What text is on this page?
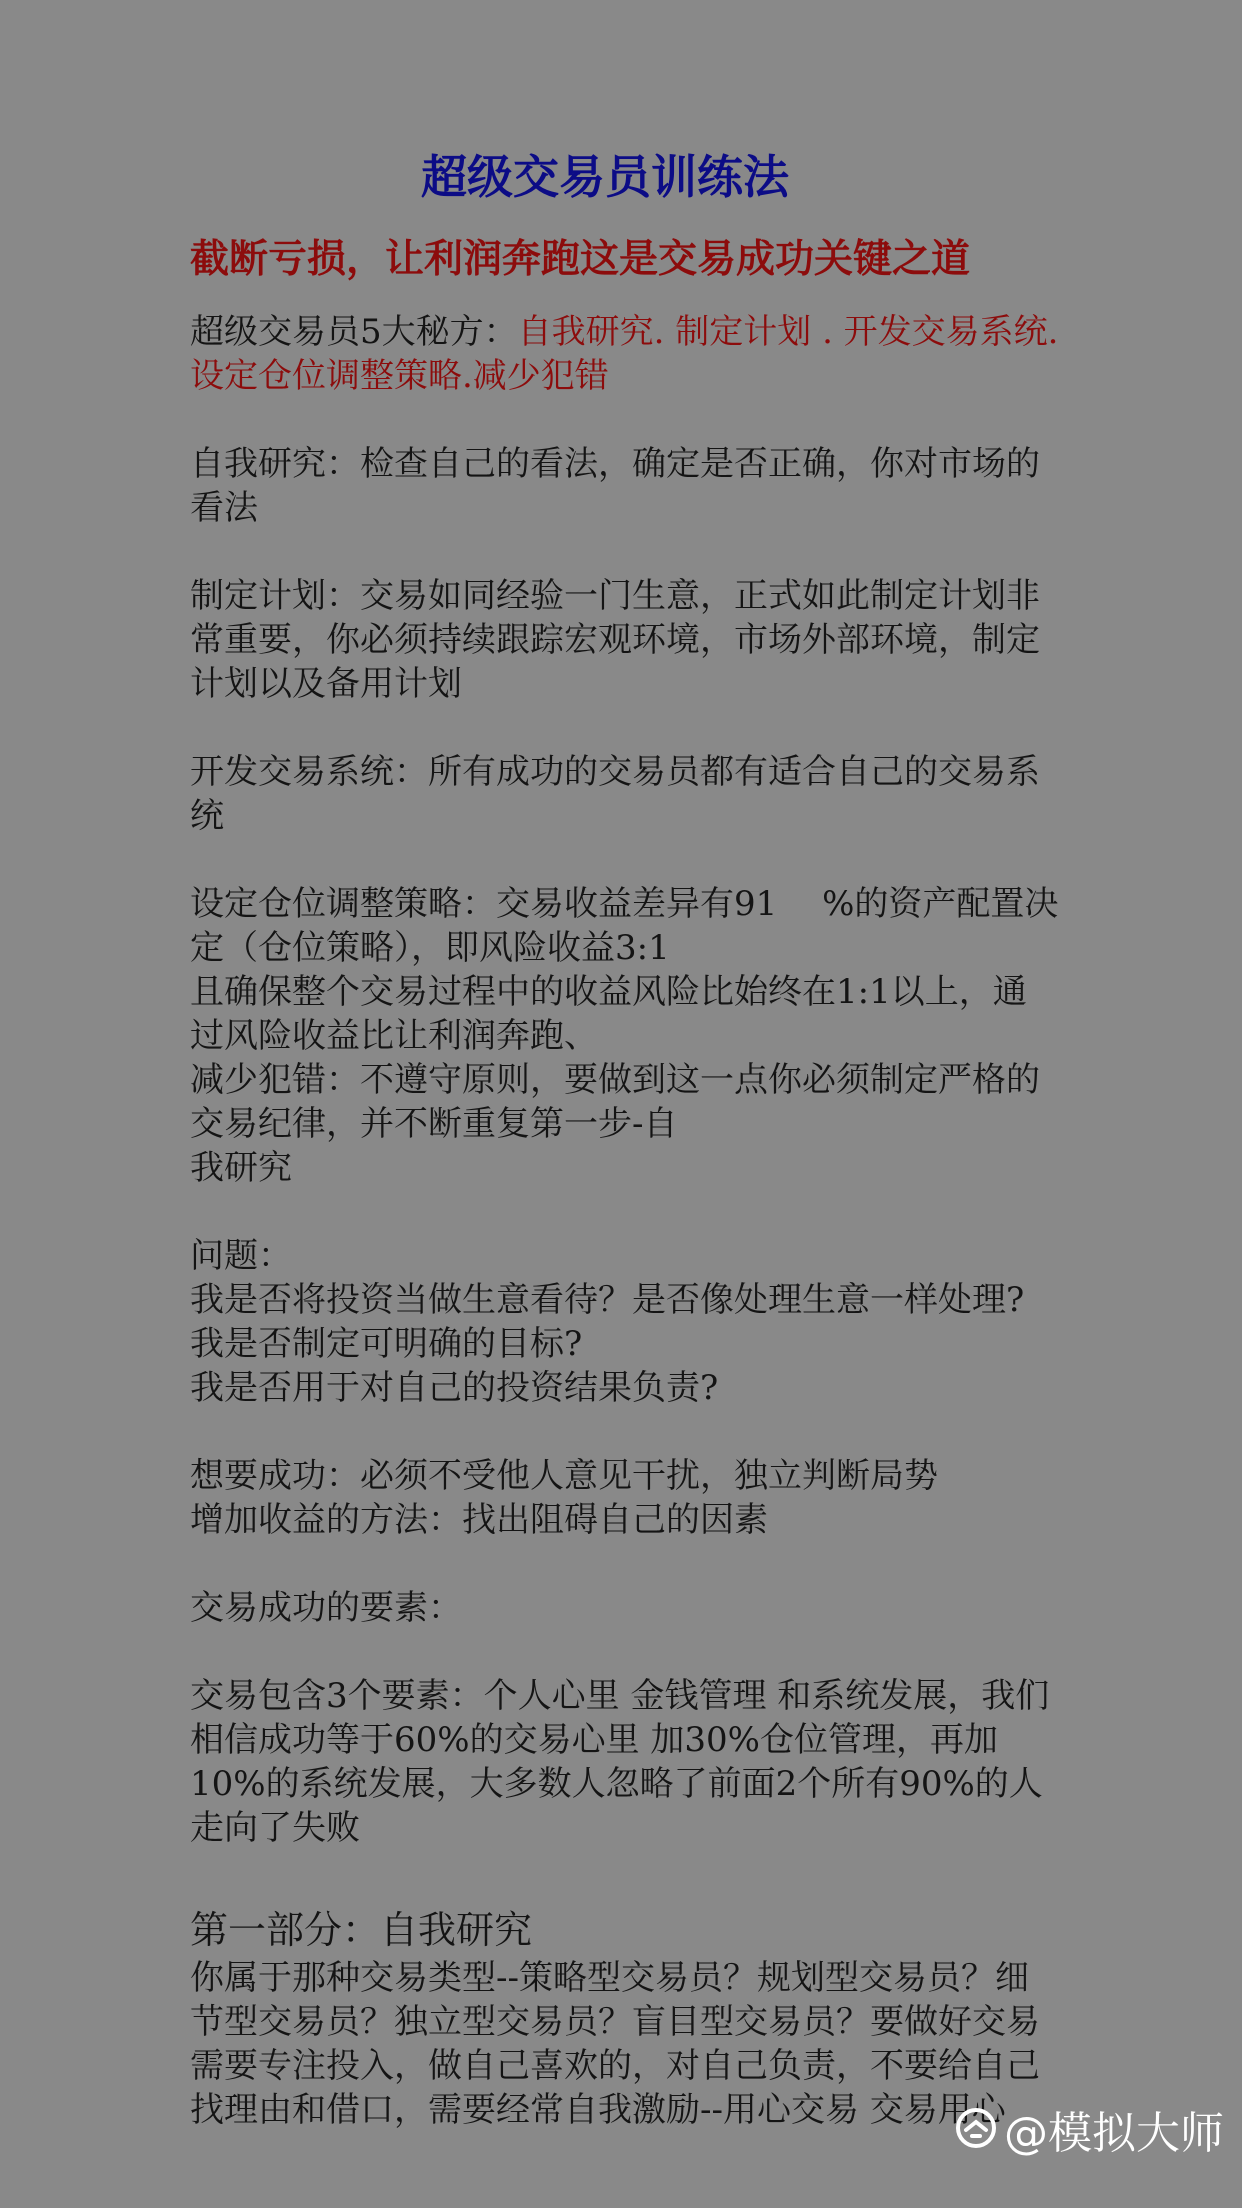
超级交易员训练法
截断亏损，让利润奔跑这是交易成功关键之道

超级交易员5大秘方：自我研究. 制定计划 . 开发交易系统. 设定仓位调整策略.减少犯错

自我研究：检查自己的看法，确定是否正确，你对市场的看法

制定计划：交易如同经验一门生意，正式如此制定计划非常重要，你必须持续跟踪宏观环境，市场外部环境，制定计划以及备用计划

开发交易系统：所有成功的交易员都有适合自己的交易系统

设定仓位调整策略：交易收益差异有91　 %的资产配置决定（仓位策略），即风险收益3:1

且确保整个交易过程中的收益风险比始终在1:1以上，通过风险收益比让利润奔跑、

减少犯错：不遵守原则，要做到这一点你必须制定严格的交易纪律，并不断重复第一步-自

我研究

问题：

我是否将投资当做生意看待？是否像处理生意一样处理?

我是否制定可明确的目标?

我是否用于对自己的投资结果负责?

想要成功：必须不受他人意见干扰，独立判断局势

增加收益的方法：找出阻碍自己的因素

交易成功的要素：

交易包含3个要素：个人心里 金钱管理 和系统发展，我们相信成功等于60%的交易心里 加30%仓位管理，再加10%的系统发展，大多数人忽略了前面2个所有90%的人走向了失败

第一部分：自我研究

你属于那种交易类型--策略型交易员？规划型交易员？细节型交易员？独立型交易员？盲目型交易员？要做好交易需要专注投入，做自己喜欢的，对自己负责，不要给自己找理由和借口，需要经常自我激励--用心交易 交易用心

@模拟大师
